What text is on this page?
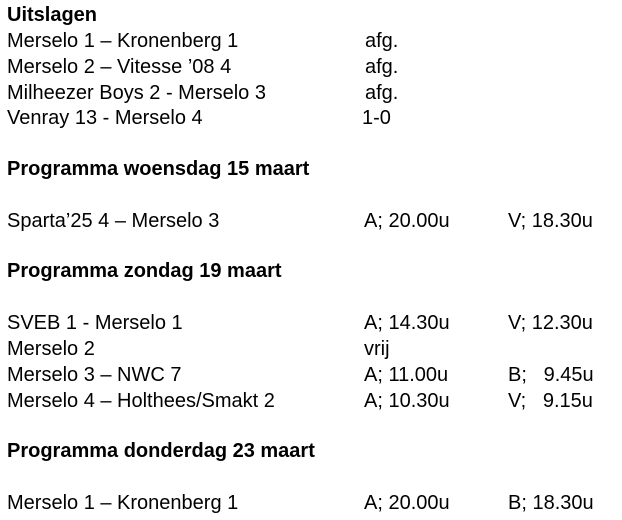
Uitslagen
Merselo 1 – Kronenberg 1	afg.
Merselo 2 – Vitesse ’08 4	afg.
Milheezer Boys 2 - Merselo 3	afg.
Venray 13 - Merselo 4	1-0
Programma woensdag 15 maart
Sparta’25 4 – Merselo 3	A; 20.00u	V; 18.30u
Programma zondag 19 maart
SVEB 1 - Merselo 1	A; 14.30u	V; 12.30u
Merselo 2	vrij
Merselo 3 – NWC 7	A; 11.00u	B;   9.45u
Merselo 4 – Holthees/Smakt 2	A; 10.30u	V;   9.15u
Programma donderdag 23 maart
Merselo 1 – Kronenberg 1	A; 20.00u	B; 18.30u
